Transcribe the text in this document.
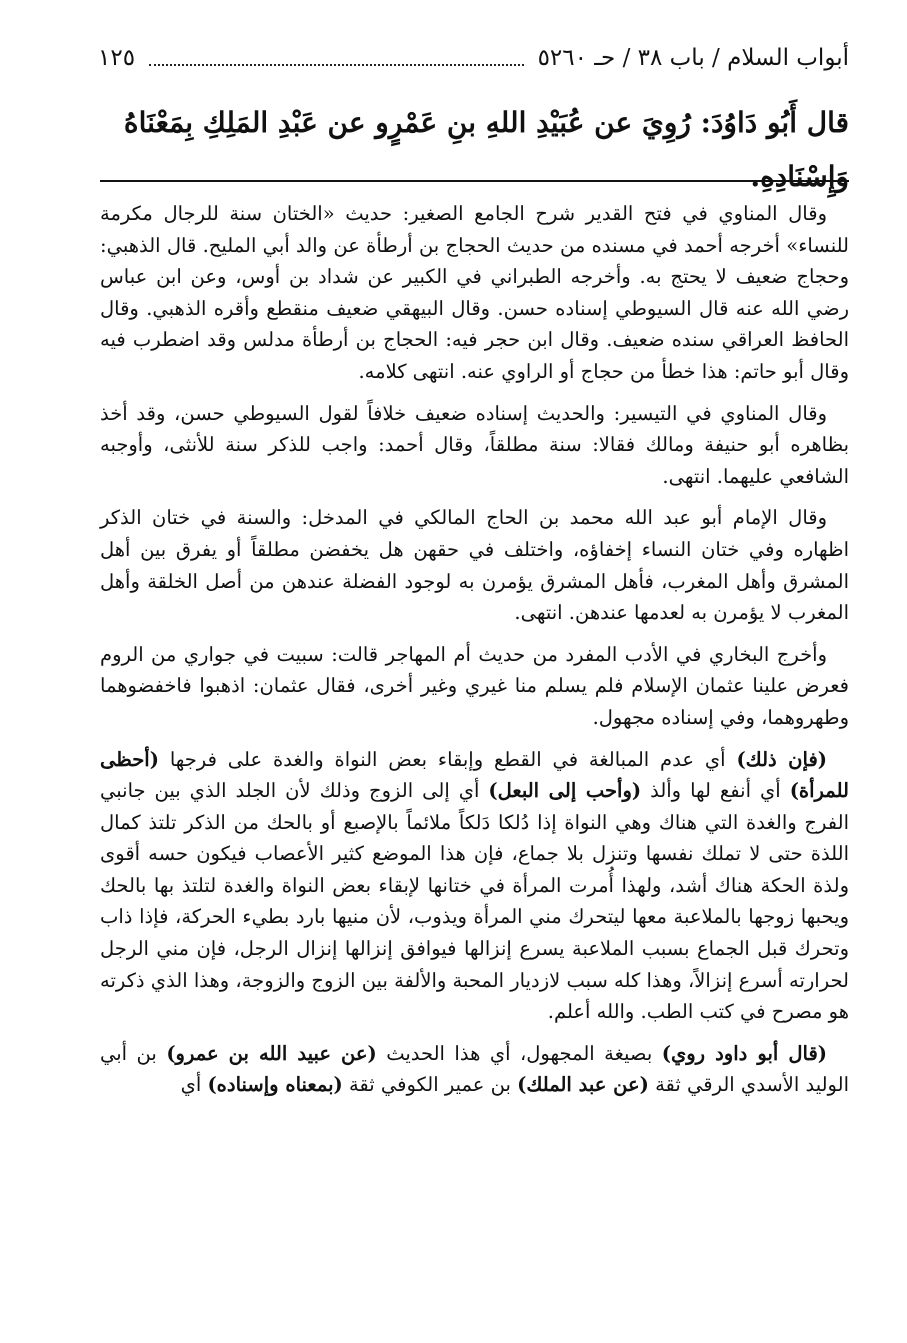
أبواب السلام / باب ٣٨ / حـ ٥٢٦٠
١٢٥
قال أَبُو دَاوُدَ: رُوِيَ عن عُبَيْدِ اللهِ بنِ عَمْرٍو عن عَبْدِ المَلِكِ بِمَعْنَاهُ وَإِسْنَادِهِ.

وقال المناوي في فتح القدير شرح الجامع الصغير: حديث «الختان سنة للرجال مكرمة للنساء» أخرجه أحمد في مسنده من حديث الحجاج بن أرطأة عن والد أبي المليح. قال الذهبي: وحجاج ضعيف لا يحتج به. وأخرجه الطبراني في الكبير عن شداد بن أوس، وعن ابن عباس رضي الله عنه قال السيوطي إسناده حسن. وقال البيهقي ضعيف منقطع وأقره الذهبي. وقال الحافظ العراقي سنده ضعيف. وقال ابن حجر فيه: الحجاج بن أرطأة مدلس وقد اضطرب فيه وقال أبو حاتم: هذا خطأ من حجاج أو الراوي عنه. انتهى كلامه.

وقال المناوي في التيسير: والحديث إسناده ضعيف خلافاً لقول السيوطي حسن، وقد أخذ بظاهره أبو حنيفة ومالك فقالا: سنة مطلقاً، وقال أحمد: واجب للذكر سنة للأنثى، وأوجبه الشافعي عليهما. انتهى.

وقال الإمام أبو عبد الله محمد بن الحاج المالكي في المدخل: والسنة في ختان الذكر اظهاره وفي ختان النساء إخفاؤه، واختلف في حقهن هل يخفضن مطلقاً أو يفرق بين أهل المشرق وأهل المغرب، فأهل المشرق يؤمرن به لوجود الفضلة عندهن من أصل الخلقة وأهل المغرب لا يؤمرن به لعدمها عندهن. انتهى.

وأخرج البخاري في الأدب المفرد من حديث أم المهاجر قالت: سبيت في جواري من الروم فعرض علينا عثمان الإسلام فلم يسلم منا غيري وغير أخرى، فقال عثمان: اذهبوا فاخفضوهما وطهروهما، وفي إسناده مجهول.

(فإن ذلك) أي عدم المبالغة في القطع وإبقاء بعض النواة والغدة على فرجها (أحظى للمرأة) أي أنفع لها وألذ (وأحب إلى البعل) أي إلى الزوج وذلك لأن الجلد الذي بين جانبي الفرج والغدة التي هناك وهي النواة إذا دُلكا دَلكاً ملائماً بالإصبع أو بالحك من الذكر تلتذ كمال اللذة حتى لا تملك نفسها وتنزل بلا جماع، فإن هذا الموضع كثير الأعصاب فيكون حسه أقوى ولذة الحكة هناك أشد، ولهذا أُمرت المرأة في ختانها لإبقاء بعض النواة والغدة لتلتذ بها بالحك ويحبها زوجها بالملاعبة معها ليتحرك مني المرأة ويذوب، لأن منيها بارد بطيء الحركة، فإذا ذاب وتحرك قبل الجماع بسبب الملاعبة يسرع إنزالها فيوافق إنزالها إنزال الرجل، فإن مني الرجل لحرارته أسرع إنزالاً، وهذا كله سبب لازديار المحبة والألفة بين الزوج والزوجة، وهذا الذي ذكرته هو مصرح في كتب الطب. والله أعلم.

(قال أبو داود روي) بصيغة المجهول، أي هذا الحديث (عن عبيد الله بن عمرو) بن أبي الوليد الأسدي الرقي ثقة (عن عبد الملك) بن عمير الكوفي ثقة (بمعناه وإسناده) أي
